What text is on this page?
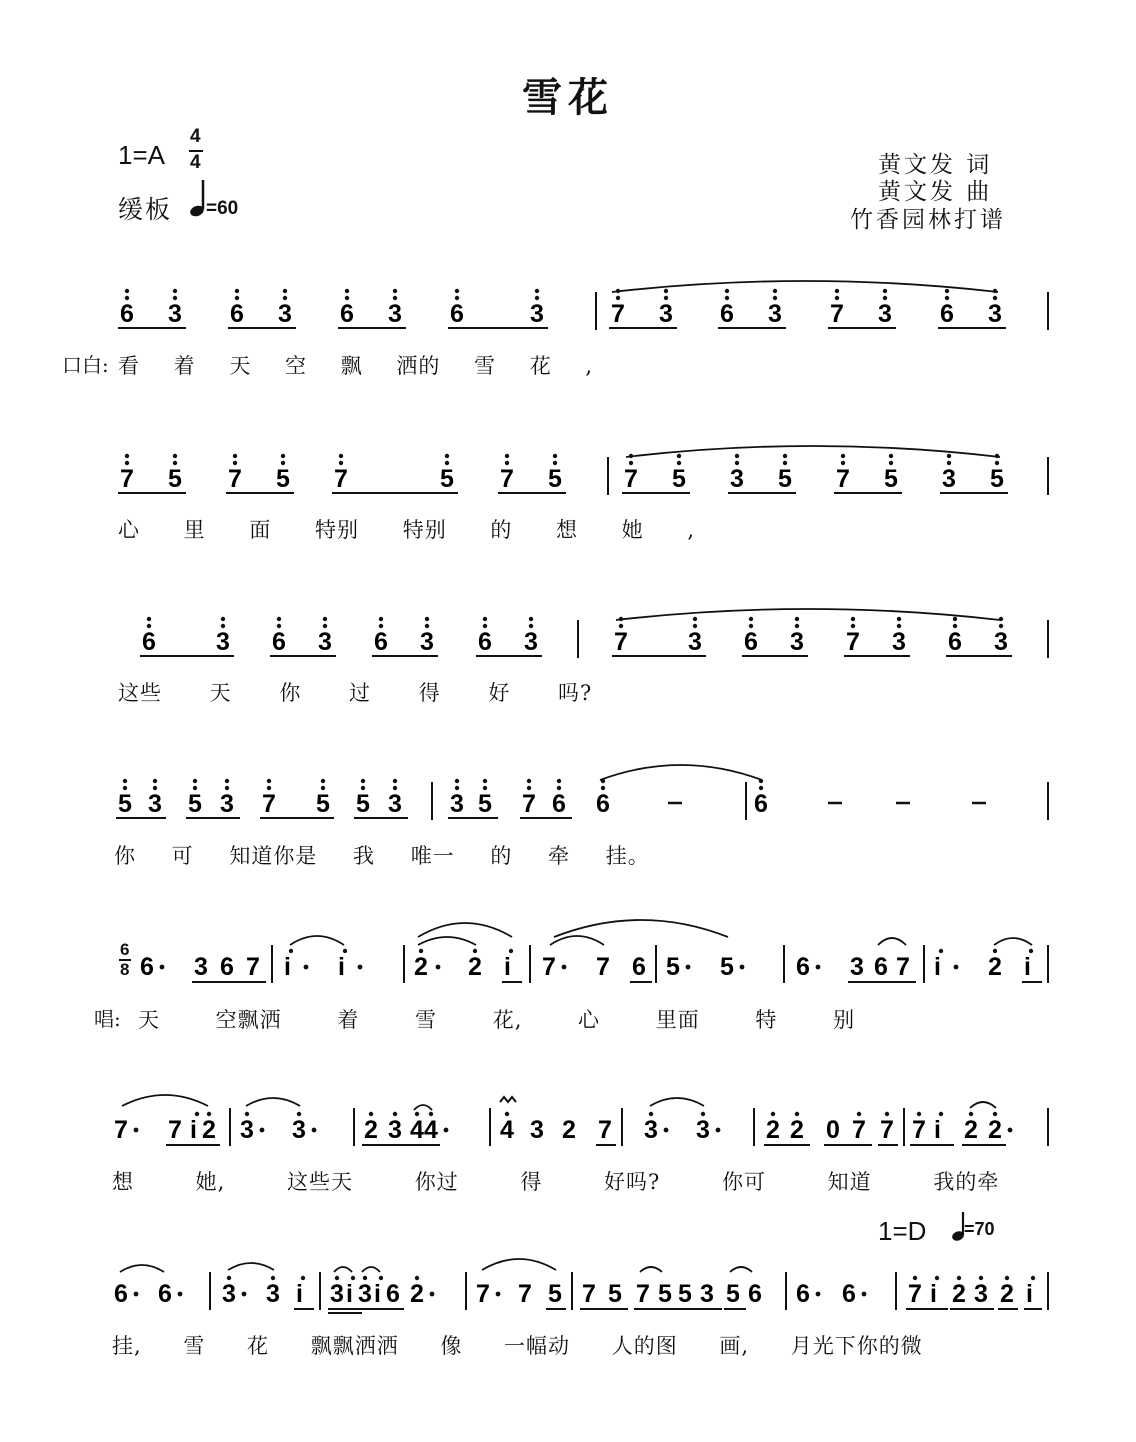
雪花
1=A
4
4
缓板 =60
黄文发 词
黄文发 曲
竹香园林打谱
口白: 看 着 天 空 飘 洒的 雪 花 ,
心 里 面 特别 特别 的 想 她 ,
这些 天 你 过 得 好 吗?
你 可 知道你是 我 唯一 的 牵 挂。
唱: 天 空飘洒 着 雪 花, 心 里面 特 别
想 她, 这些天 你过 得 好吗? 你可 知道 我的牵
挂, 雪 花 飘飘洒洒 像 一幅动 人的图 画, 月光下你的微
6
8
1=D =70
6 3 6 3 6 3 6	3	7 3 6 3 7 3 6 3
7 5 7 5 7	5 7 5 7 5 3 5 7 5 3 5
6 3 6 3 6 3 6 3	7 3 6 3 7 3 6 3
5 3 5 3 7 5 5 3 3 5 7 6 6	6
6 3 6 7 i i	2 2 i 7 7 6 5 5 6 3 6 7 i 2 i
7 7 i 2 3 3 2 3 4 4 4 3 2 7 3 3 2 2 0 7 7 7 i 2 2
6 6 3 3 i 3 i 3 i 6 2 7 7 5 7 5 7 5 5 3 5 6 6 6 7 i 2 3 2 i
